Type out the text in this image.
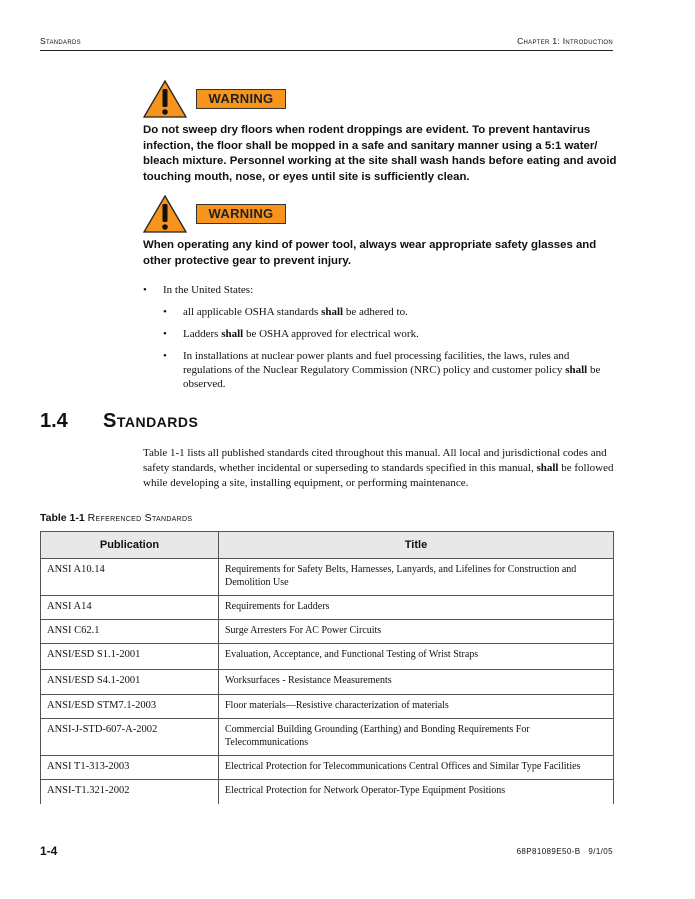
Standards	Chapter 1: Introduction
WARNING
Do not sweep dry floors when rodent droppings are evident. To prevent hantavirus infection, the floor shall be mopped in a safe and sanitary manner using a 5:1 water/ bleach mixture. Personnel working at the site shall wash hands before eating and avoid touching mouth, nose, or eyes until site is sufficiently clean.
WARNING
When operating any kind of power tool, always wear appropriate safety glasses and other protective gear to prevent injury.
• In the United States:
• all applicable OSHA standards shall be adhered to.
• Ladders shall be OSHA approved for electrical work.
• In installations at nuclear power plants and fuel processing facilities, the laws, rules and regulations of the Nuclear Regulatory Commission (NRC) policy and customer policy shall be observed.
1.4 Standards
Table 1-1 lists all published standards cited throughout this manual. All local and jurisdictional codes and safety standards, whether incidental or superseding to standards specified in this manual, shall be followed while developing a site, installing equipment, or performing maintenance.
Table 1-1 Referenced Standards
Publication	Title
ANSI A10.14	Requirements for Safety Belts, Harnesses, Lanyards, and Lifelines for Construction and Demolition Use
ANSI A14	Requirements for Ladders
ANSI C62.1	Surge Arresters For AC Power Circuits
ANSI/ESD S1.1-2001	Evaluation, Acceptance, and Functional Testing of Wrist Straps
ANSI/ESD S4.1-2001	Worksurfaces - Resistance Measurements
ANSI/ESD STM7.1-2003	Floor materials—Resistive characterization of materials
ANSI-J-STD-607-A-2002	Commercial Building Grounding (Earthing) and Bonding Requirements For Telecommunications
ANSI T1-313-2003	Electrical Protection for Telecommunications Central Offices and Similar Type Facilities
ANSI-T1.321-2002	Electrical Protection for Network Operator-Type Equipment Positions
1-4	68P81089E50-B   9/1/05
